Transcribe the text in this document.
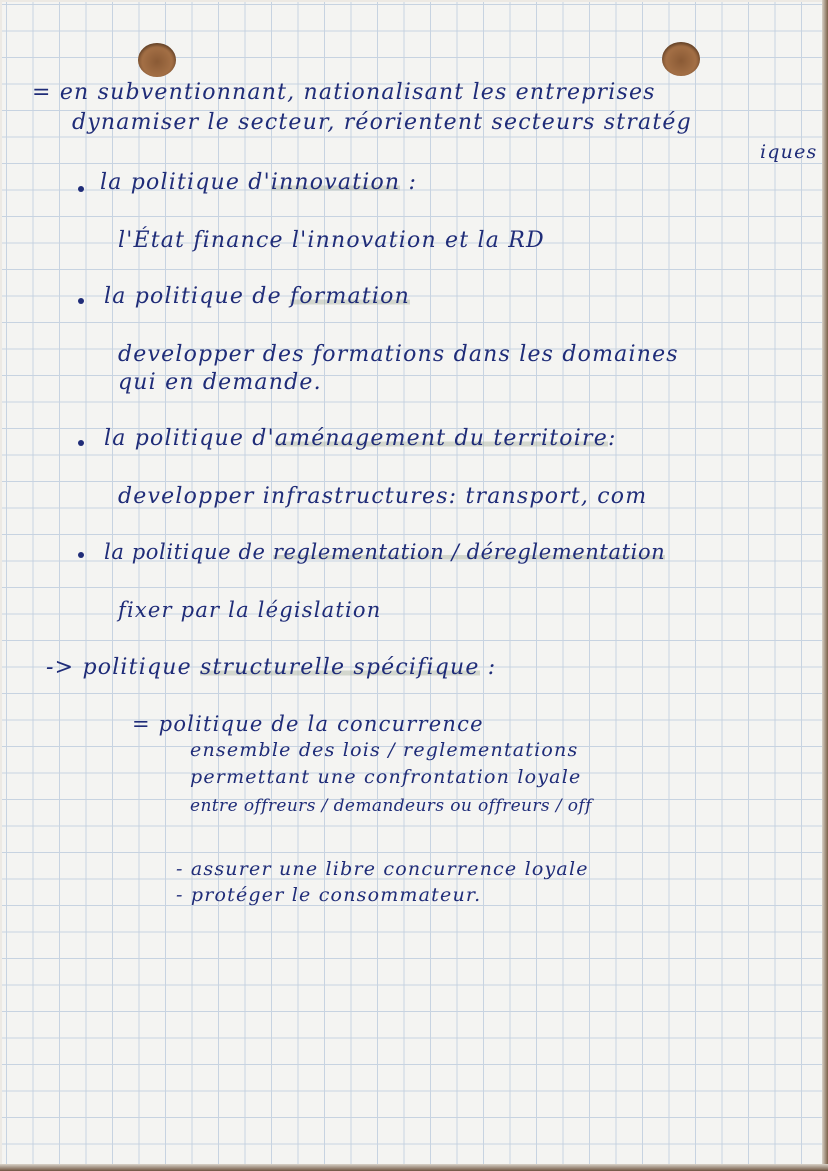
= en subventionnant, nationalisant les entreprises
dynamiser le secteur, réorientent secteurs stratég
iques
la politique d'innovation :
l'État finance l'innovation et la RD
la politique de formation
developper des formations dans les domaines
qui en demande.
la politique d'aménagement du territoire:
developper infrastructures: transport, com
la politique de reglementation / déreglementation
fixer par la législation
-> politique structurelle spécifique :
= politique de la concurrence
ensemble des lois / reglementations
permettant une confrontation loyale
entre offreurs / demandeurs ou offreurs / off
- assurer une libre concurrence loyale
- protéger le consommateur.
